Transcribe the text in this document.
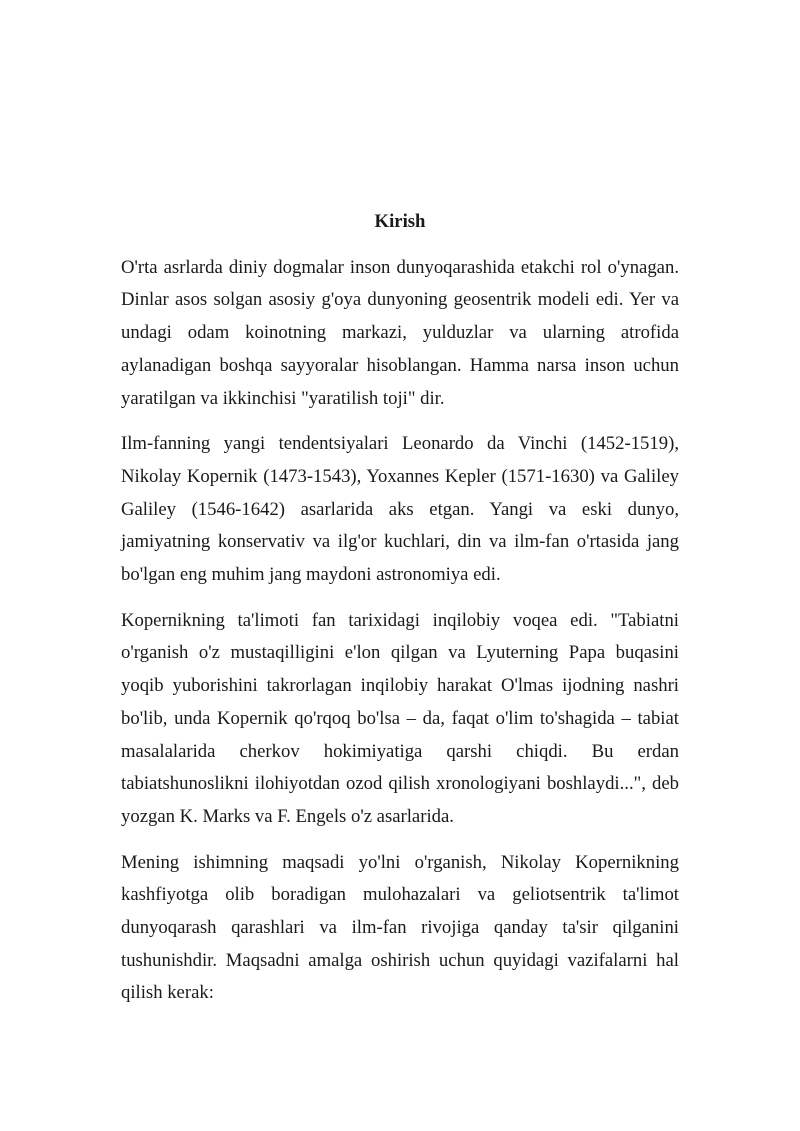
Kirish

O'rta asrlarda diniy dogmalar inson dunyoqarashida etakchi rol o'ynagan. Dinlar asos solgan asosiy g'oya dunyoning geosentrik modeli edi. Yer va undagi odam koinotning markazi, yulduzlar va ularning atrofida aylanadigan boshqa sayyoralar hisoblangan. Hamma narsa inson uchun yaratilgan va ikkinchisi "yaratilish toji" dir.

Ilm-fanning yangi tendentsiyalari Leonardo da Vinchi (1452-1519), Nikolay Kopernik (1473-1543), Yoxannes Kepler (1571-1630) va Galiley Galiley (1546-1642) asarlarida aks etgan. Yangi va eski dunyo, jamiyatning konservativ va ilg'or kuchlari, din va ilm-fan o'rtasida jang bo'lgan eng muhim jang maydoni astronomiya edi.

Kopernikning ta'limoti fan tarixidagi inqilobiy voqea edi. "Tabiatni o'rganish o'z mustaqilligini e'lon qilgan va Lyuterning Papa buqasini yoqib yuborishini takrorlagan inqilobiy harakat O'lmas ijodning nashri bo'lib, unda Kopernik qo'rqoq bo'lsa – da, faqat o'lim to'shagida – tabiat masalalarida cherkov hokimiyatiga qarshi chiqdi. Bu erdan tabiatshunoslikni ilohiyotdan ozod qilish xronologiyani boshlaydi...", deb yozgan K. Marks va F. Engels o'z asarlarida.

Mening ishimning maqsadi yo'lni o'rganish, Nikolay Kopernikning kashfiyotga olib boradigan mulohazalari va geliotsentrik ta'limot dunyoqarash qarashlari va ilm-fan rivojiga qanday ta'sir qilganini tushunishdir. Maqsadni amalga oshirish uchun quyidagi vazifalarni hal qilish kerak:
